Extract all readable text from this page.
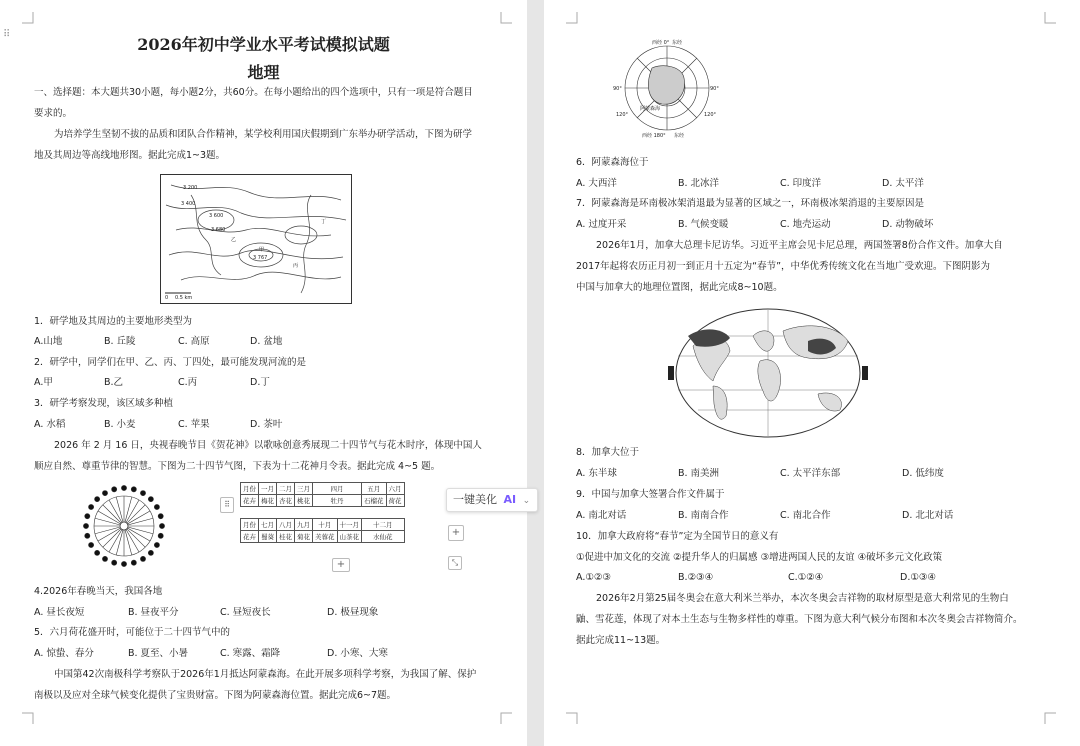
⠿
2026年初中学业水平考试模拟试题
地理
一、选择题：本大题共30小题，每小题2分，共60分。在每小题给出的四个选项中，只有一项是符合题目
要求的。
为培养学生坚韧不拔的品质和团队合作精神，某学校利用国庆假期到广东举办研学活动，下图为研学
地及其周边等高线地形图。据此完成1~3题。
3 200
3 600
3 400
3 680
3 767
甲
乙
丙
丁
0 0.5 km
1．研学地及其周边的主要地形类型为
A.山地	B. 丘陵	C. 高原	D. 盆地
2．研学中，同学们在甲、乙、丙、丁四处，最可能发现河流的是
A.甲	B.乙	C.丙	D.丁
3．研学考察发现，该区域多种植
A. 水稻	B. 小麦	C. 苹果	D. 茶叶
2026 年 2 月 16 日，央视春晚节目《贺花神》以歌咏创意秀展现二十四节气与花木时序，体现中国人
顺应自然、尊重节律的智慧。下图为二十四节气图，下表为十二花神月令表。据此完成 4~5 题。
月份	一月	二月	三月	四月		五月	六月
花卉	梅花	杏花	桃花	牡丹		石榴花	荷花

月份	七月	八月	九月	十月	十一月	十二月	
花卉	蜀葵	桂花	菊花	芙蓉花	山茶花	水仙花	
⠿
+
+	⤡
一键美化 AI ⌄
4.2026年春晚当天，我国各地
A. 昼长夜短	B. 昼夜平分	C. 昼短夜长	D. 极昼现象
5．六月荷花盛开时，可能位于二十四节气中的
A. 惊蛰、春分	B. 夏至、小暑	C. 寒露、霜降	D. 小寒、大寒
中国第42次南极科学考察队于2026年1月抵达阿蒙森海。在此开展多项科学考察，为我国了解、保护
南极以及应对全球气候变化提供了宝贵财富。下图为阿蒙森海位置。据此完成6~7题。
西经 0° 东经
90°	90°
120°	120°
西经 180° 东经
阿蒙森海
6．阿蒙森海位于
A. 大西洋	B. 北冰洋	C. 印度洋	D. 太平洋
7．阿蒙森海是环南极冰架消退最为显著的区域之一，环南极冰架消退的主要原因是
A. 过度开采	B. 气候变暖	C. 地壳运动	D. 动物破坏
2026年1月，加拿大总理卡尼访华。习近平主席会见卡尼总理，两国签署8份合作文件。加拿大自
2017年起将农历正月初一到正月十五定为“春节”，中华优秀传统文化在当地广受欢迎。下图阴影为
中国与加拿大的地理位置图，据此完成8~10题。
8．加拿大位于
A. 东半球	B. 南美洲	C. 太平洋东部	D. 低纬度
9．中国与加拿大签署合作文件属于
A. 南北对话	B. 南南合作	C. 南北合作	D. 北北对话
10．加拿大政府将“春节”定为全国节日的意义有
①促进中加文化的交流 ②提升华人的归属感 ③增进两国人民的友谊 ④破坏多元文化政策
A.①②③	B.②③④	C.①②④	D.①③④
2026年2月第25届冬奥会在意大利米兰举办，本次冬奥会吉祥物的取材原型是意大利常见的生物白
鼬、雪花莲，体现了对本土生态与生物多样性的尊重。下图为意大利气候分布图和本次冬奥会吉祥物简介。
据此完成11~13题。
